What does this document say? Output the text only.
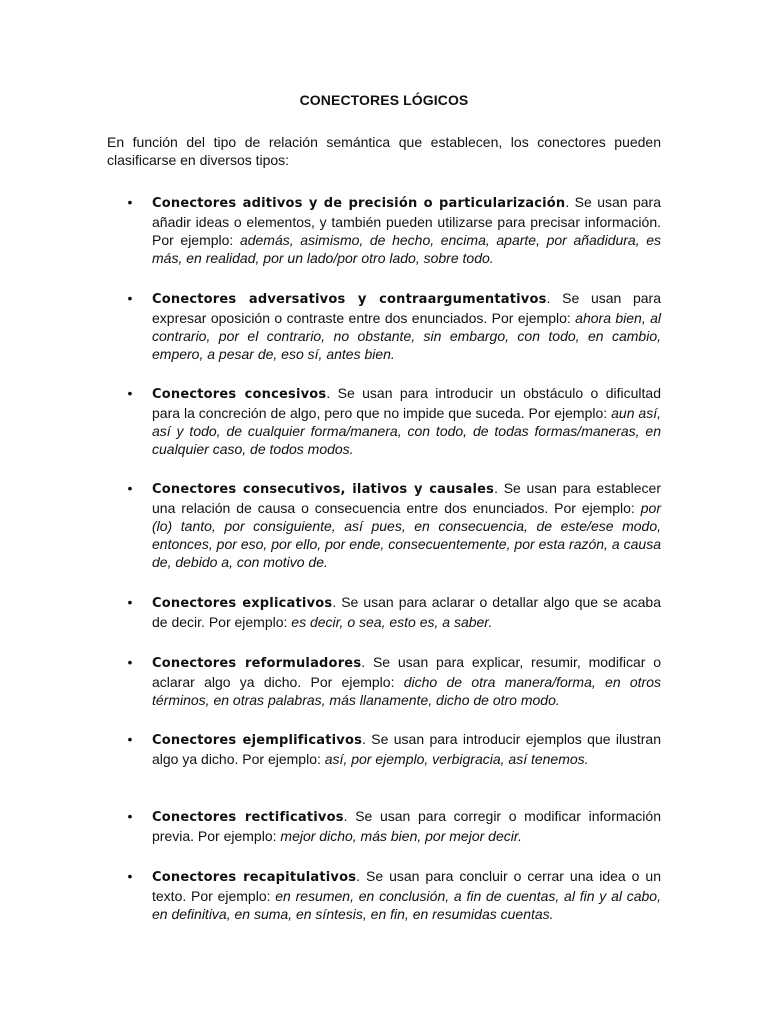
CONECTORES LÓGICOS
En función del tipo de relación semántica que establecen, los conectores pueden clasificarse en diversos tipos:
• Conectores aditivos y de precisión o particularización. Se usan para añadir ideas o elementos, y también pueden utilizarse para precisar información. Por ejemplo: además, asimismo, de hecho, encima, aparte, por añadidura, es más, en realidad, por un lado/por otro lado, sobre todo.
• Conectores adversativos y contraargumentativos. Se usan para expresar oposición o contraste entre dos enunciados. Por ejemplo: ahora bien, al contrario, por el contrario, no obstante, sin embargo, con todo, en cambio, empero, a pesar de, eso sí, antes bien.
• Conectores concesivos. Se usan para introducir un obstáculo o dificultad para la concreción de algo, pero que no impide que suceda. Por ejemplo: aun así, así y todo, de cualquier forma/manera, con todo, de todas formas/maneras, en cualquier caso, de todos modos.
• Conectores consecutivos, ilativos y causales. Se usan para establecer una relación de causa o consecuencia entre dos enunciados. Por ejemplo: por (lo) tanto, por consiguiente, así pues, en consecuencia, de este/ese modo, entonces, por eso, por ello, por ende, consecuentemente, por esta razón, a causa de, debido a, con motivo de.
• Conectores explicativos. Se usan para aclarar o detallar algo que se acaba de decir. Por ejemplo: es decir, o sea, esto es, a saber.
• Conectores reformuladores. Se usan para explicar, resumir, modificar o aclarar algo ya dicho. Por ejemplo: dicho de otra manera/forma, en otros términos, en otras palabras, más llanamente, dicho de otro modo.
• Conectores ejemplificativos. Se usan para introducir ejemplos que ilustran algo ya dicho. Por ejemplo: así, por ejemplo, verbigracia, así tenemos.
• Conectores rectificativos. Se usan para corregir o modificar información previa. Por ejemplo: mejor dicho, más bien, por mejor decir.
• Conectores recapitulativos. Se usan para concluir o cerrar una idea o un texto. Por ejemplo: en resumen, en conclusión, a fin de cuentas, al fin y al cabo, en definitiva, en suma, en síntesis, en fin, en resumidas cuentas.
